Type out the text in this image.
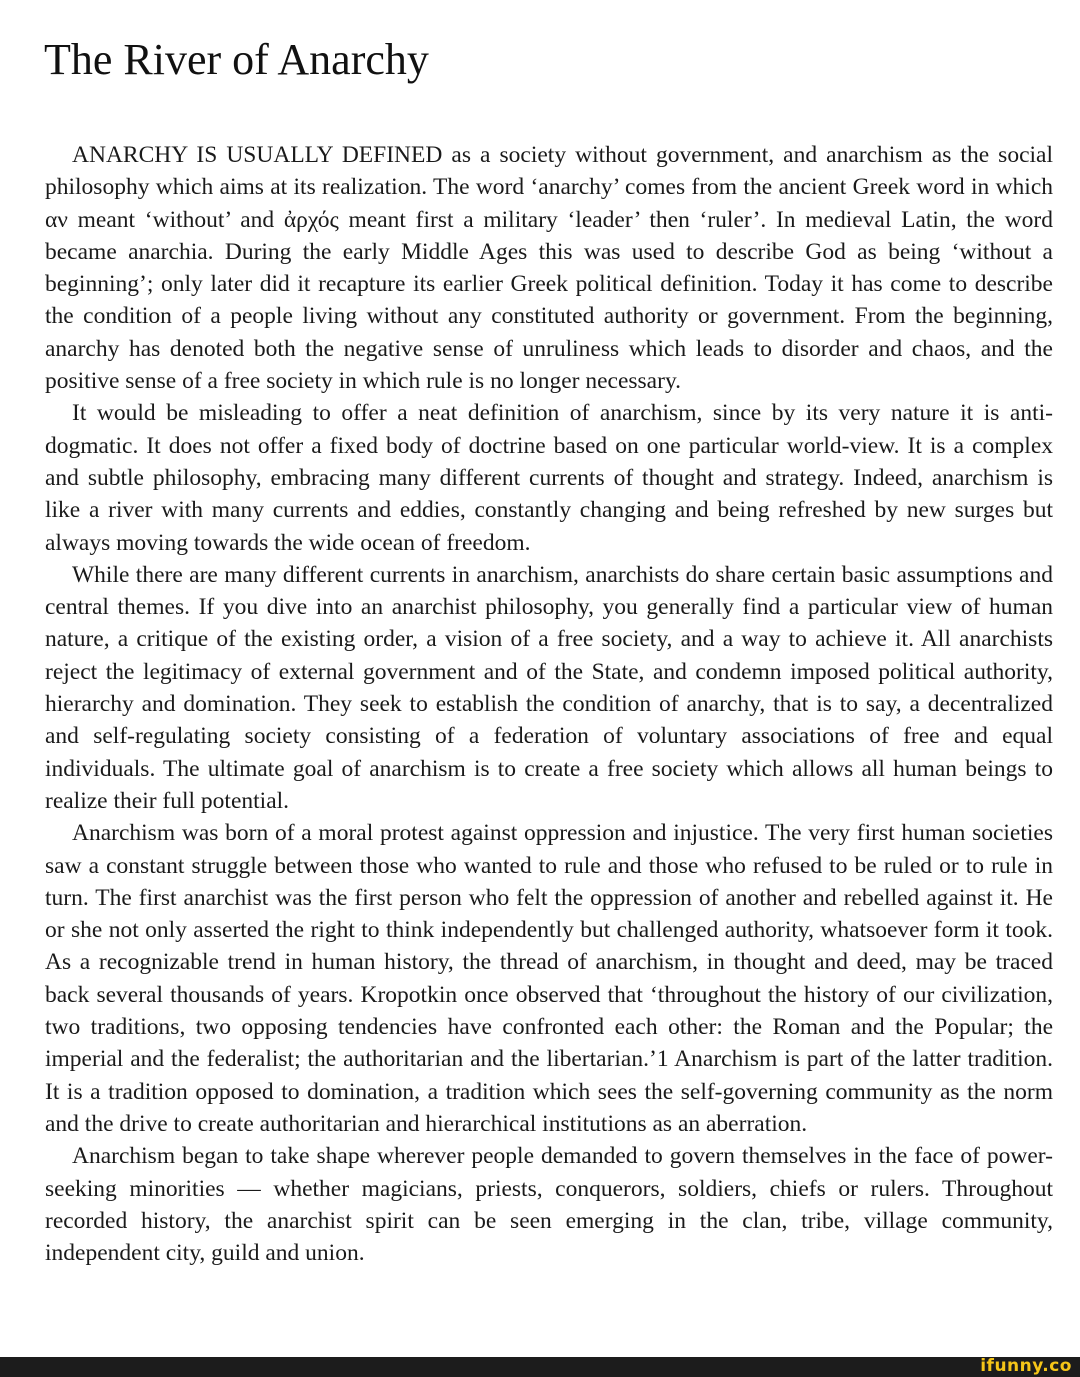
The River of Anarchy

ANARCHY IS USUALLY DEFINED as a society without government, and anarchism as the social philosophy which aims at its realization. The word ‘anarchy’ comes from the ancient Greek word in which αν meant ‘without’ and ἀρχός meant first a military ‘leader’ then ‘ruler’. In medieval Latin, the word became anarchia. During the early Middle Ages this was used to describe God as being ‘without a beginning’; only later did it recapture its earlier Greek political definition. Today it has come to describe the condition of a people living without any constituted authority or government. From the beginning, anarchy has denoted both the negative sense of unruliness which leads to disorder and chaos, and the positive sense of a free society in which rule is no longer necessary.

It would be misleading to offer a neat definition of anarchism, since by its very nature it is anti-dogmatic. It does not offer a fixed body of doctrine based on one particular world-view. It is a complex and subtle philosophy, embracing many different currents of thought and strategy. Indeed, anarchism is like a river with many currents and eddies, constantly changing and being refreshed by new surges but always moving towards the wide ocean of freedom.

While there are many different currents in anarchism, anarchists do share certain basic assumptions and central themes. If you dive into an anarchist philosophy, you generally find a particular view of human nature, a critique of the existing order, a vision of a free society, and a way to achieve it. All anarchists reject the legitimacy of external government and of the State, and condemn imposed political authority, hierarchy and domination. They seek to establish the condition of anarchy, that is to say, a decentralized and self-regulating society consisting of a federation of voluntary associations of free and equal individuals. The ultimate goal of anarchism is to create a free society which allows all human beings to realize their full potential.

Anarchism was born of a moral protest against oppression and injustice. The very first human societies saw a constant struggle between those who wanted to rule and those who refused to be ruled or to rule in turn. The first anarchist was the first person who felt the oppression of another and rebelled against it. He or she not only asserted the right to think independently but challenged authority, whatsoever form it took. As a recognizable trend in human history, the thread of anarchism, in thought and deed, may be traced back several thousands of years. Kropotkin once observed that ‘throughout the history of our civilization, two traditions, two opposing tendencies have confronted each other: the Roman and the Popular; the imperial and the federalist; the authoritarian and the libertarian.’1 Anarchism is part of the latter tradition. It is a tradition opposed to domination, a tradition which sees the self-governing community as the norm and the drive to create authoritarian and hierarchical institutions as an aberration.

Anarchism began to take shape wherever people demanded to govern themselves in the face of power-seeking minorities — whether magicians, priests, conquerors, soldiers, chiefs or rulers. Throughout recorded history, the anarchist spirit can be seen emerging in the clan, tribe, village community, independent city, guild and union.

ifunny.co
